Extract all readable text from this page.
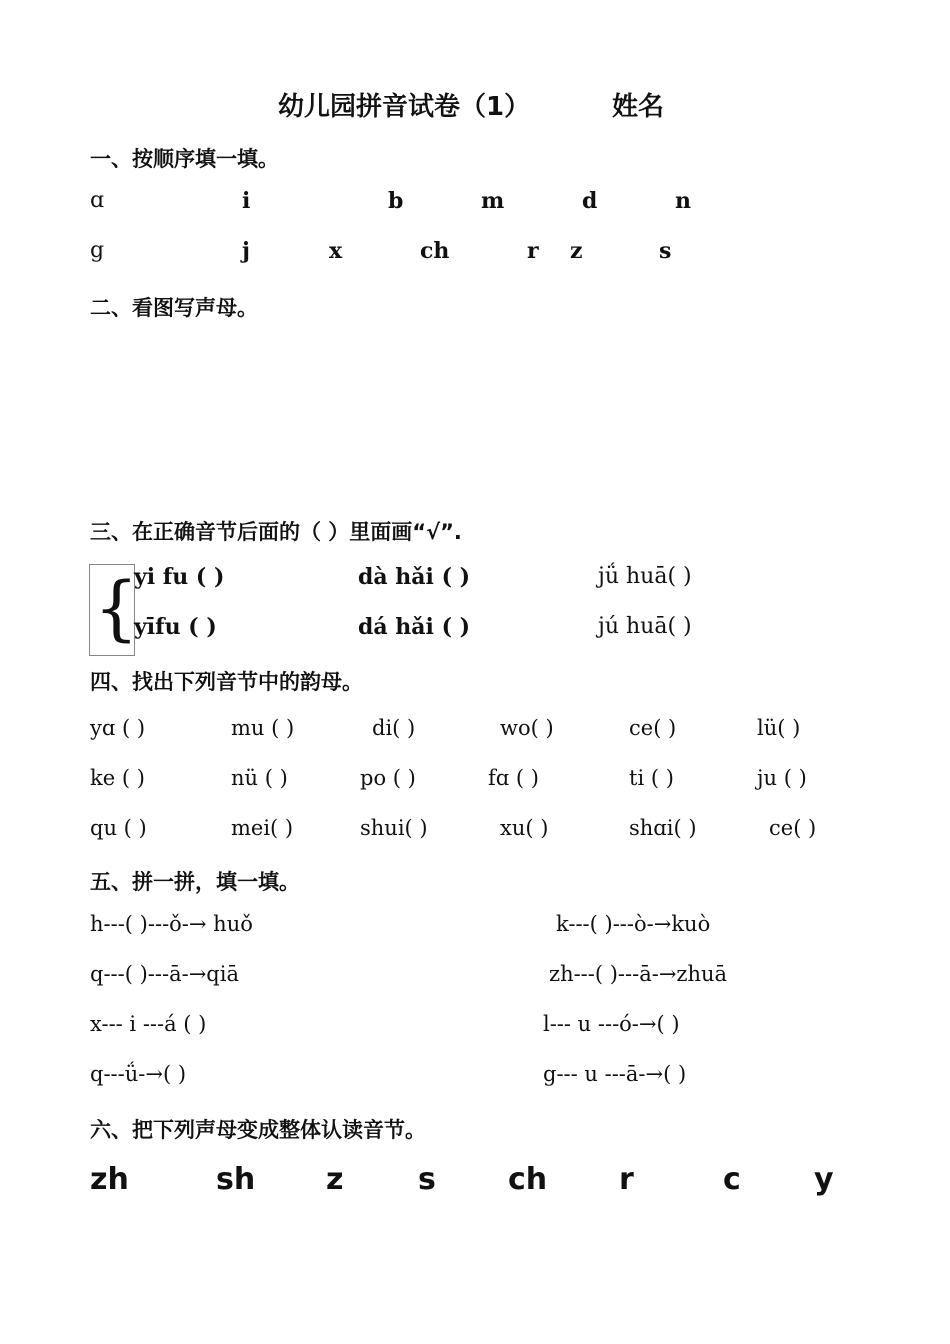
幼儿园拼音试卷（1）	姓名
一、按顺序填一填。
ɑ	i	b	m	d	n
g	j	x	ch	r z	s
二、看图写声母。
三、在正确音节后面的（ ）里面画“√”.
{
yi fu ( )	dà hǎi ( )	jǘ huā( )
yīfu ( )	dá hǎi ( )	jú huā( )
四、找出下列音节中的韵母。
yɑ ( )	mu ( )	di( )	wo( )	ce( )	lü( )
ke ( )	nü ( )	po ( )	fɑ ( )	ti ( )	ju ( )
qu ( )	mei( )	shui( )	xu( )	shɑi( )	ce( )
五、拼一拼，填一填。
h---( )---ǒ-→ huǒ	k---( )---ò-→kuò
q---( )---ā-→qiā	zh---( )---ā-→zhuā
x--- i ---á ( )	l--- u ---ó-→( )
q---ǘ-→( )	g--- u ---ā-→( )
六、把下列声母变成整体认读音节。
zh	sh z s ch r	c y
